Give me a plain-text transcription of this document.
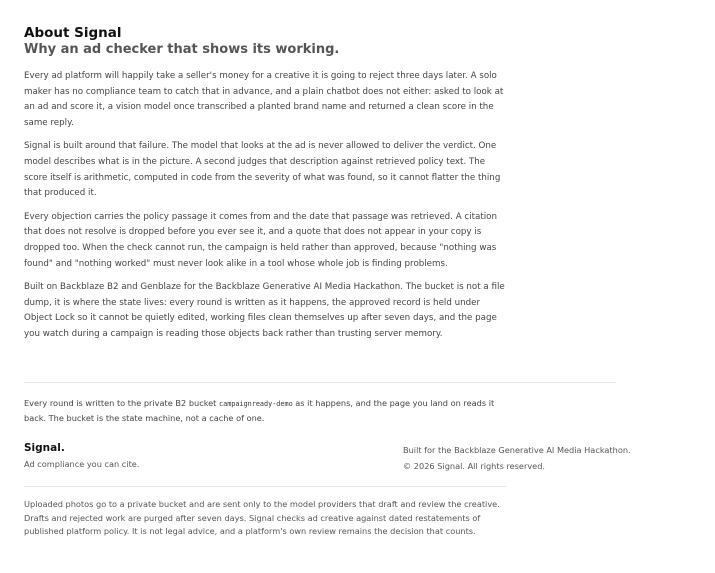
About Signal
Why an ad checker that shows its working.

Every ad platform will happily take a seller's money for a creative it is going to reject three days later. A solo maker has no compliance team to catch that in advance, and a plain chatbot does not either: asked to look at an ad and score it, a vision model once transcribed a planted brand name and returned a clean score in the same reply.

Signal is built around that failure. The model that looks at the ad is never allowed to deliver the verdict. One model describes what is in the picture. A second judges that description against retrieved policy text. The score itself is arithmetic, computed in code from the severity of what was found, so it cannot flatter the thing that produced it.

Every objection carries the policy passage it comes from and the date that passage was retrieved. A citation that does not resolve is dropped before you ever see it, and a quote that does not appear in your copy is dropped too. When the check cannot run, the campaign is held rather than approved, because "nothing was found" and "nothing worked" must never look alike in a tool whose whole job is finding problems.

Built on Backblaze B2 and Genblaze for the Backblaze Generative AI Media Hackathon. The bucket is not a file dump, it is where the state lives: every round is written as it happens, the approved record is held under Object Lock so it cannot be quietly edited, working files clean themselves up after seven days, and the page you watch during a campaign is reading those objects back rather than trusting server memory.

Every round is written to the private B2 bucket campaignready-demo as it happens, and the page you land on reads it back. The bucket is the state machine, not a cache of one.

Signal.

Ad compliance you can cite.

Built for the Backblaze Generative AI Media Hackathon.

© 2026 Signal. All rights reserved.

Uploaded photos go to a private bucket and are sent only to the model providers that draft and review the creative. Drafts and rejected work are purged after seven days. Signal checks ad creative against dated restatements of published platform policy. It is not legal advice, and a platform's own review remains the decision that counts.
